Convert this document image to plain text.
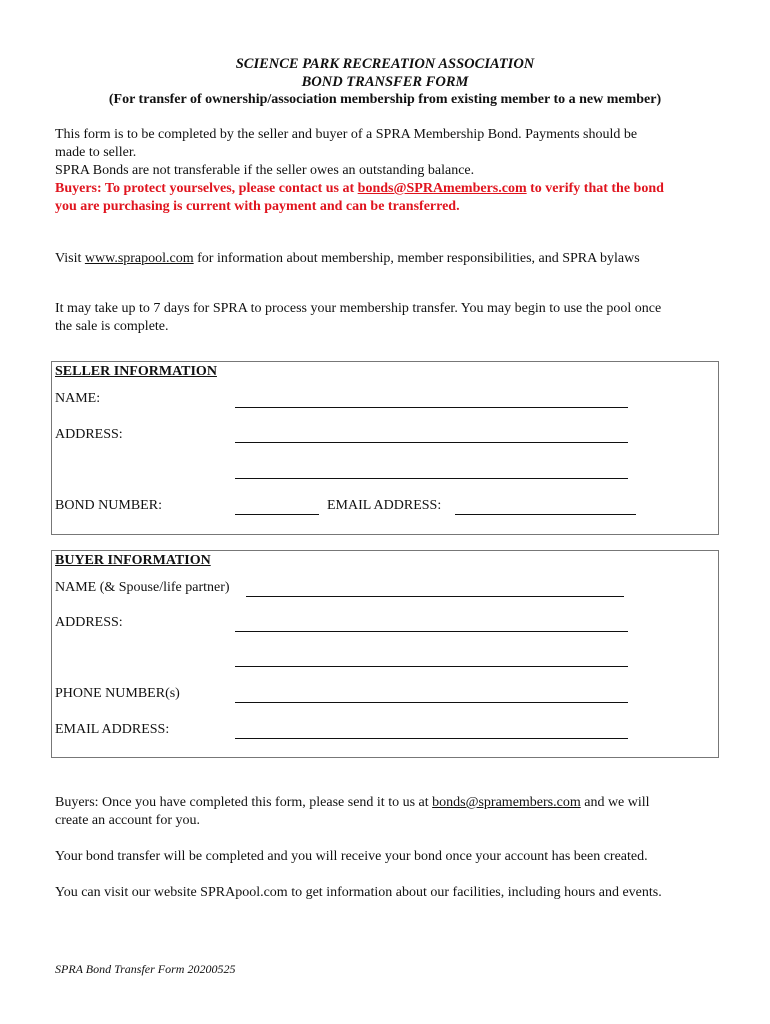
SCIENCE PARK RECREATION ASSOCIATION
BOND TRANSFER FORM
(For transfer of ownership/association membership from existing member to a new member)
This form is to be completed by the seller and buyer of a SPRA Membership Bond. Payments should be
made to seller.
SPRA Bonds are not transferable if the seller owes an outstanding balance.
Buyers: To protect yourselves, please contact us at bonds@SPRAmembers.com to verify that the bond
you are purchasing is current with payment and can be transferred.
Visit www.sprapool.com for information about membership, member responsibilities, and SPRA bylaws
It may take up to 7 days for SPRA to process your membership transfer. You may begin to use the pool once
the sale is complete.
SELLER INFORMATION
NAME:
ADDRESS:
BOND NUMBER:	EMAIL ADDRESS:
BUYER INFORMATION
NAME (& Spouse/life partner)
ADDRESS:
PHONE NUMBER(s)
EMAIL ADDRESS:
Buyers: Once you have completed this form, please send it to us at bonds@spramembers.com and we will
create an account for you.
Your bond transfer will be completed and you will receive your bond once your account has been created.
You can visit our website SPRApool.com to get information about our facilities, including hours and events.
SPRA Bond Transfer Form 20200525
